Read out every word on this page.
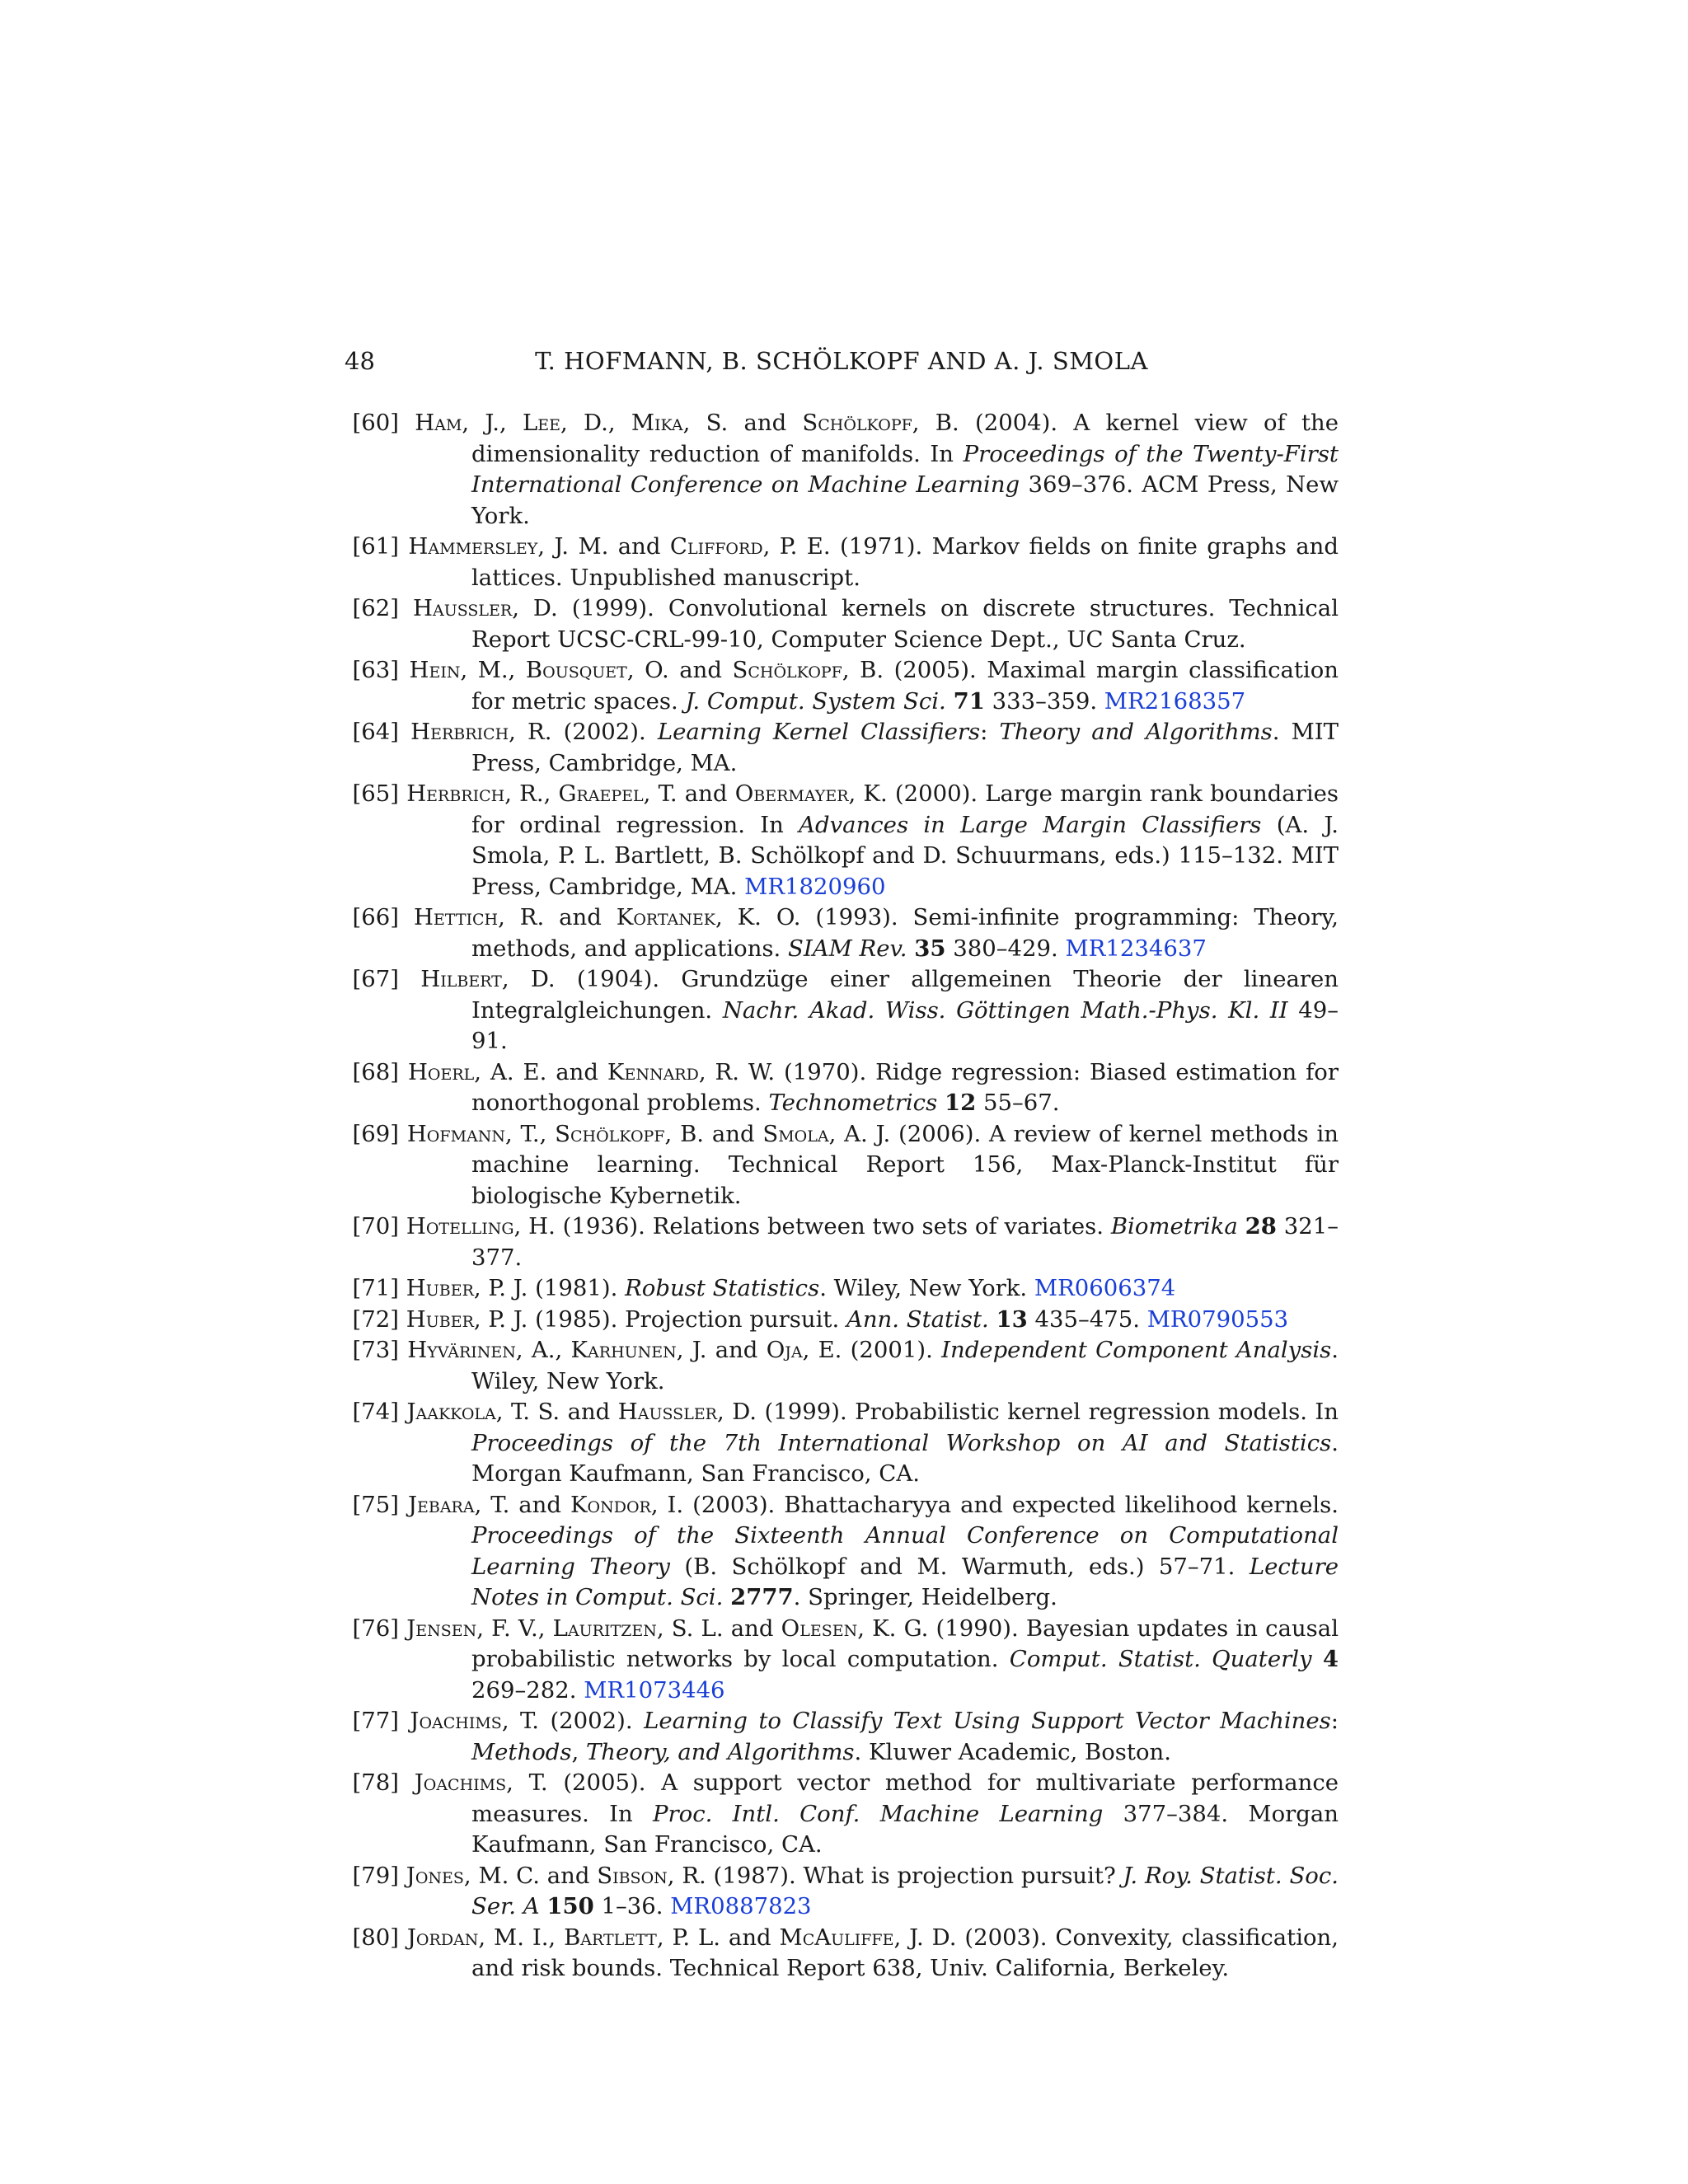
48	T. HOFMANN, B. SCHÖLKOPF AND A. J. SMOLA

[60] Ham, J., Lee, D., Mika, S. and Schölkopf, B. (2004). A kernel view of the dimensionality reduction of manifolds. In Proceedings of the Twenty-First International Conference on Machine Learning 369–376. ACM Press, New York.

[61] Hammersley, J. M. and Clifford, P. E. (1971). Markov fields on finite graphs and lattices. Unpublished manuscript.

[62] Haussler, D. (1999). Convolutional kernels on discrete structures. Technical Report UCSC-CRL-99-10, Computer Science Dept., UC Santa Cruz.

[63] Hein, M., Bousquet, O. and Schölkopf, B. (2005). Maximal margin classification for metric spaces. J. Comput. System Sci. 71 333–359. MR2168357

[64] Herbrich, R. (2002). Learning Kernel Classifiers: Theory and Algorithms. MIT Press, Cambridge, MA.

[65] Herbrich, R., Graepel, T. and Obermayer, K. (2000). Large margin rank boundaries for ordinal regression. In Advances in Large Margin Classifiers (A. J. Smola, P. L. Bartlett, B. Schölkopf and D. Schuurmans, eds.) 115–132. MIT Press, Cambridge, MA. MR1820960

[66] Hettich, R. and Kortanek, K. O. (1993). Semi-infinite programming: Theory, methods, and applications. SIAM Rev. 35 380–429. MR1234637

[67] Hilbert, D. (1904). Grundzüge einer allgemeinen Theorie der linearen Integralgleichungen. Nachr. Akad. Wiss. Göttingen Math.-Phys. Kl. II 49–91.

[68] Hoerl, A. E. and Kennard, R. W. (1970). Ridge regression: Biased estimation for nonorthogonal problems. Technometrics 12 55–67.

[69] Hofmann, T., Schölkopf, B. and Smola, A. J. (2006). A review of kernel methods in machine learning. Technical Report 156, Max-Planck-Institut für biologische Kybernetik.

[70] Hotelling, H. (1936). Relations between two sets of variates. Biometrika 28 321–377.

[71] Huber, P. J. (1981). Robust Statistics. Wiley, New York. MR0606374

[72] Huber, P. J. (1985). Projection pursuit. Ann. Statist. 13 435–475. MR0790553

[73] Hyvärinen, A., Karhunen, J. and Oja, E. (2001). Independent Component Analysis. Wiley, New York.

[74] Jaakkola, T. S. and Haussler, D. (1999). Probabilistic kernel regression models. In Proceedings of the 7th International Workshop on AI and Statistics. Morgan Kaufmann, San Francisco, CA.

[75] Jebara, T. and Kondor, I. (2003). Bhattacharyya and expected likelihood kernels. Proceedings of the Sixteenth Annual Conference on Computational Learning Theory (B. Schölkopf and M. Warmuth, eds.) 57–71. Lecture Notes in Comput. Sci. 2777. Springer, Heidelberg.

[76] Jensen, F. V., Lauritzen, S. L. and Olesen, K. G. (1990). Bayesian updates in causal probabilistic networks by local computation. Comput. Statist. Quaterly 4 269–282. MR1073446

[77] Joachims, T. (2002). Learning to Classify Text Using Support Vector Machines: Methods, Theory, and Algorithms. Kluwer Academic, Boston.

[78] Joachims, T. (2005). A support vector method for multivariate performance measures. In Proc. Intl. Conf. Machine Learning 377–384. Morgan Kaufmann, San Francisco, CA.

[79] Jones, M. C. and Sibson, R. (1987). What is projection pursuit? J. Roy. Statist. Soc. Ser. A 150 1–36. MR0887823

[80] Jordan, M. I., Bartlett, P. L. and McAuliffe, J. D. (2003). Convexity, classification, and risk bounds. Technical Report 638, Univ. California, Berkeley.
